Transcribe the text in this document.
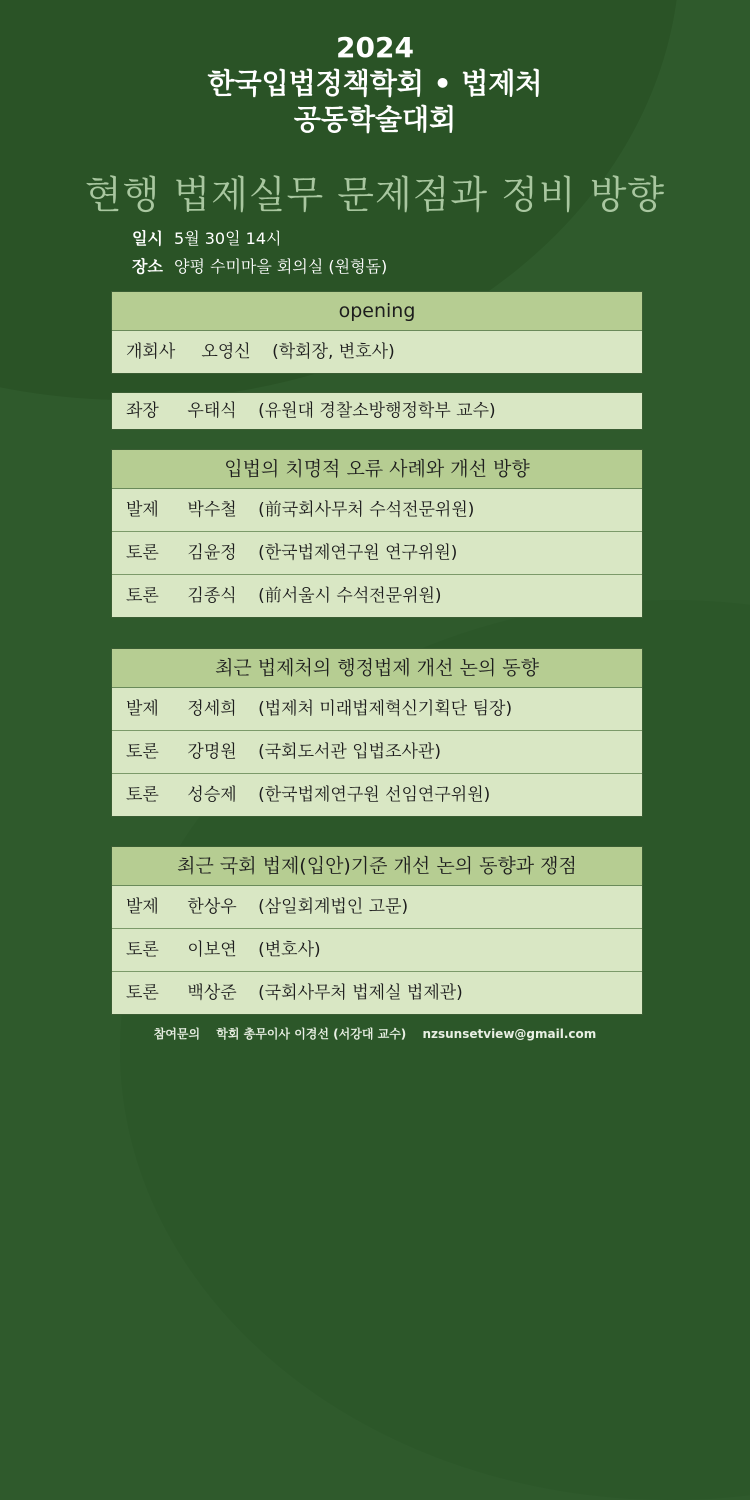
2024
한국입법정책학회 • 법제처
공동학술대회
현행 법제실무 문제점과 정비 방향
일시 5월 30일 14시
장소 양평 수미마을 회의실 (원형돔)
opening
개회사 오영신 (학회장, 변호사)
좌장 우태식 (유원대 경찰소방행정학부 교수)
입법의 치명적 오류 사례와 개선 방향
발제 박수철 (前국회사무처 수석전문위원)
토론 김윤정 (한국법제연구원 연구위원)
토론 김종식 (前서울시 수석전문위원)
최근 법제처의 행정법제 개선 논의 동향
발제 정세희 (법제처 미래법제혁신기획단 팀장)
토론 강명원 (국회도서관 입법조사관)
토론 성승제 (한국법제연구원 선임연구위원)
최근 국회 법제(입안)기준 개선 논의 동향과 쟁점
발제 한상우 (삼일회계법인 고문)
토론 이보연 (변호사)
토론 백상준 (국회사무처 법제실 법제관)
참여문의 학회 총무이사 이경선 (서강대 교수) nzsunsetview@gmail.com
